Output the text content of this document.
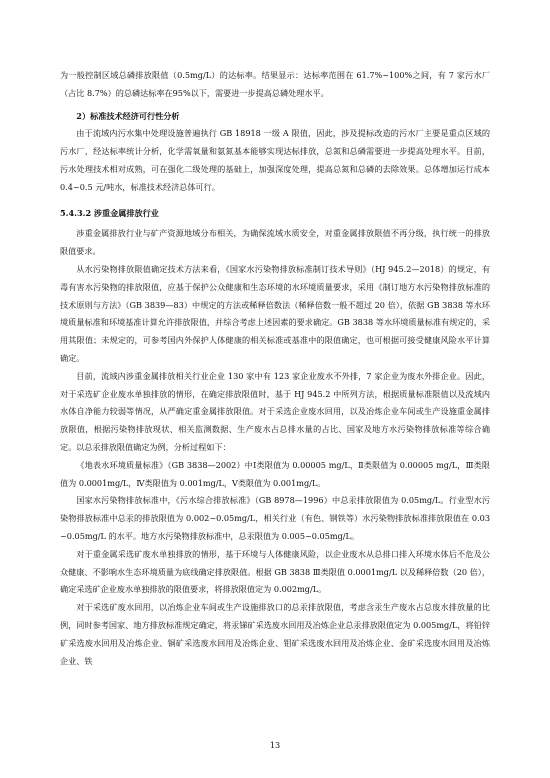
为一般控制区域总磷排放限值（0.5mg/L）的达标率。结果显示：达标率范围在 61.7%~100%之间，有 7 家污水厂（占比 8.7%）的总磷达标率在95%以下，需要进一步提高总磷处理水平。

2）标准技术经济可行性分析

由于流域内污水集中处理设施普遍执行 GB 18918 一级 A 限值，因此，涉及提标改造的污水厂主要是重点区域的污水厂，经达标率统计分析，化学需氧量和氨氮基本能够实现达标排放，总氮和总磷需要进一步提高处理水平。目前，污水处理技术相对成熟，可在强化二级处理的基础上，加强深度处理，提高总氮和总磷的去除效果。总体增加运行成本 0.4~0.5 元/吨水，标准技术经济总体可行。

5.4.3.2 涉重金属排放行业

涉重金属排放行业与矿产资源地域分布相关，为确保流域水质安全，对重金属排放限值不再分级，执行统一的排放限值要求。

从水污染物排放限值确定技术方法来看，《国家水污染物排放标准制订技术导则》（HJ 945.2—2018）的规定，有毒有害水污染物的排放限值，应基于保护公众健康和生态环境的水环境质量要求，采用《制订地方水污染物排放标准的技术原则与方法》（GB 3839—83）中规定的方法或稀释倍数法（稀释倍数一般不超过 20 倍），依据 GB 3838 等水环境质量标准和环境基准计算允许排放限值，并综合考虑上述因素的要求确定。GB 3838 等水环境质量标准有规定的，采用其限值；未规定的，可参考国内外保护人体健康的相关标准或基准中的限值确定，也可根据可接受健康风险水平计算确定。

目前，流域内涉重金属排放相关行业企业 130 家中有 123 家企业废水不外排，7 家企业为废水外排企业。因此，对于采选矿企业废水单独排放的情形，在确定排放限值时，基于 HJ 945.2 中所列方法，根据质量标准限值以及流域内水体自净能力较弱等情况，从严确定重金属排放限值。对于采选企业废水回用，以及冶炼企业车间或生产设施重金属排放限值，根据污染物排放现状、相关监测数据、生产废水占总排水量的占比、国家及地方水污染物排放标准等综合确定。以总汞排放限值确定为例，分析过程如下：

《地表水环境质量标准》（GB 3838—2002）中Ⅰ类限值为 0.00005 mg/L，Ⅱ类限值为 0.00005 mg/L，Ⅲ类限值为 0.0001mg/L，Ⅳ类限值为 0.001mg/L，Ⅴ类限值为 0.001mg/L。

国家水污染物排放标准中，《污水综合排放标准》（GB 8978—1996）中总汞排放限值为 0.05mg/L。行业型水污染物排放标准中总汞的排放限值为 0.002~0.05mg/L，相关行业（有色、钢铁等）水污染物排放标准排放限值在 0.03~0.05mg/L 的水平。地方水污染物排放标准中，总汞限值为 0.005~0.05mg/L。

对于重金属采选矿废水单独排放的情形，基于环境与人体健康风险，以企业废水从总排口排入环境水体后不危及公众健康、不影响水生态环境质量为底线确定排放限值。根据 GB 3838 Ⅲ类限值 0.0001mg/L 以及稀释倍数（20 倍），确定采选矿企业废水单独排放的限值要求，将排放限值定为 0.002mg/L。

对于采选矿废水回用，以冶炼企业车间或生产设施排放口的总汞排放限值，考虑含汞生产废水占总废水排放量的比例，同时参考国家、地方排放标准规定确定，将汞锑矿采选废水回用及冶炼企业总汞排放限值定为 0.005mg/L，将铅锌矿采选废水回用及冶炼企业、铜矿采选废水回用及冶炼企业、钼矿采选废水回用及冶炼企业、金矿采选废水回用及冶炼企业、铁

13
